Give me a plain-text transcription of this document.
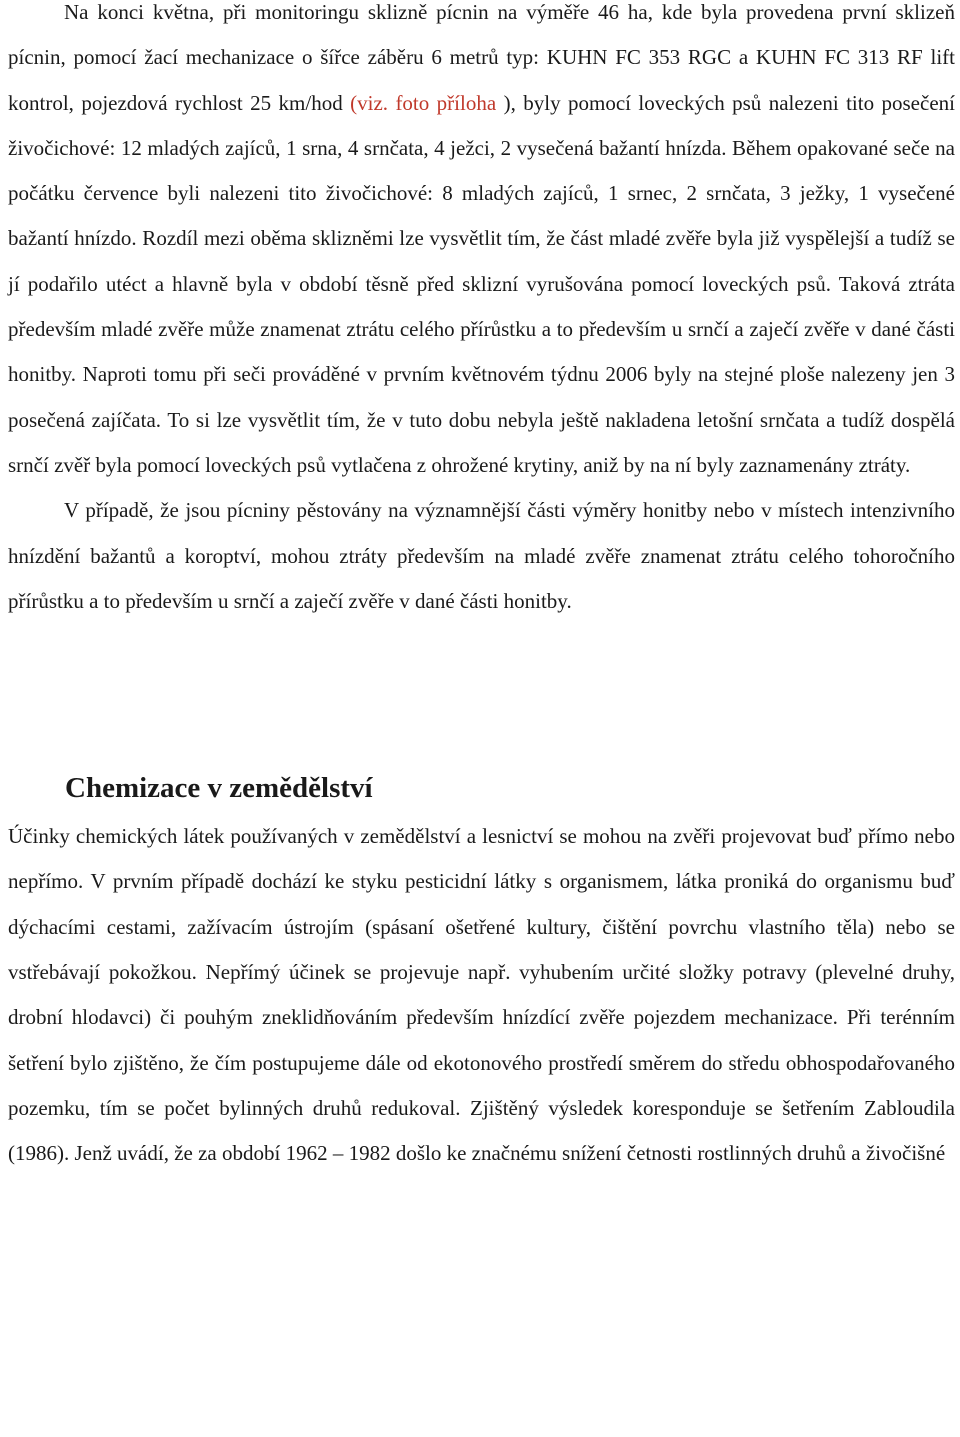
Na konci května, při monitoringu sklizně pícnin na výměře 46 ha, kde byla provedena první sklizeň pícnin, pomocí žací mechanizace o šířce záběru 6 metrů typ: KUHN FC 353 RGC a KUHN FC 313 RF lift kontrol, pojezdová rychlost 25 km/hod (viz. foto příloha ), byly pomocí loveckých psů nalezeni tito posečení živočichové: 12 mladých zajíců, 1 srna, 4 srnčata, 4 ježci, 2 vysečená bažantí hnízda. Během opakované seče na počátku července byli nalezeni tito živočichové: 8 mladých zajíců, 1 srnec, 2 srnčata, 3 ježky, 1 vysečené bažantí hnízdo. Rozdíl mezi oběma sklizněmi lze vysvětlit tím, že část mladé zvěře byla již vyspělejší a tudíž se jí podařilo utéct a hlavně byla v období těsně před sklizní vyrušována pomocí loveckých psů. Taková ztráta především mladé zvěře může znamenat ztrátu celého přírůstku a to především u srnčí a zaječí zvěře v dané části honitby. Naproti tomu při seči prováděné v prvním květnovém týdnu 2006 byly na stejné ploše nalezeny jen 3 posečená zajíčata. To si lze vysvětlit tím, že v tuto dobu nebyla ještě nakladena letošní srnčata a tudíž dospělá srnčí zvěř byla pomocí loveckých psů vytlačena z ohrožené krytiny, aniž by na ní byly zaznamenány ztráty.

V případě, že jsou pícniny pěstovány na významnější části výměry honitby nebo v místech intenzivního hnízdění bažantů a koroptví, mohou ztráty především na mladé zvěře znamenat ztrátu celého tohoročního přírůstku a to především u srnčí a zaječí zvěře v dané části honitby.

Chemizace v zemědělství

Účinky chemických látek používaných v zemědělství a lesnictví se mohou na zvěři projevovat buď přímo nebo nepřímo. V prvním případě dochází ke styku pesticidní látky s organismem, látka proniká do organismu buď dýchacími cestami, zažívacím ústrojím (spásaní ošetřené kultury, čištění povrchu vlastního těla) nebo se vstřebávají pokožkou. Nepřímý účinek se projevuje např. vyhubením určité složky potravy (plevelné druhy, drobní hlodavci) či pouhým zneklidňováním především hnízdící zvěře pojezdem mechanizace. Při terénním šetření bylo zjištěno, že čím postupujeme dále od ekotonového prostředí směrem do středu obhospodařovaného pozemku, tím se počet bylinných druhů redukoval. Zjištěný výsledek koresponduje se šetřením Zabloudila (1986). Jenž uvádí, že za období 1962 – 1982 došlo ke značnému snížení četnosti rostlinných druhů a živočišné
